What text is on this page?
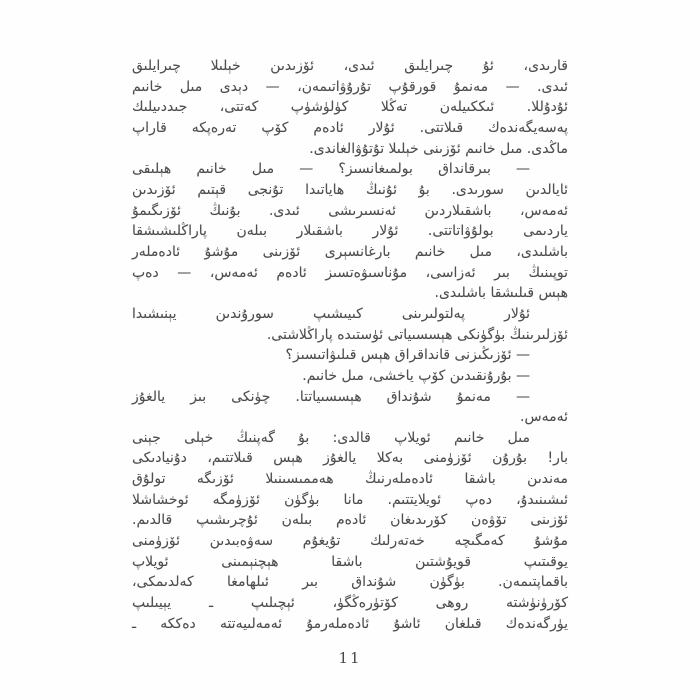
قارىدى، ئۇ چىرايلىق ئىدى، ئۆزىدىن خېلىلا چىرايلىق
ئىدى. — مەنمۇ قورقۇپ تۇرۇۋاتىمەن، — دېدى مىل خانىم
ئۇدۇللا. ئىككىيلەن تەڭلا كۈلۈشۈپ كەتتى، جىددىيلىك
پەسەيگەندەك قىلاتتى. ئۇلار ئادەم كۆپ تەرەپكە قاراپ
ماڭدى. مىل خانىم ئۆزىنى خېلىلا تۇتۇۋالغاندى.
— بىرقانداق بولمىغانسىز؟ — مىل خانىم ھېلىقى
ئايالدىن سورىدى. بۇ ئۇنىڭ ھاياتىدا تۇنجى قېتىم ئۆزىدىن
ئەمەس، باشقىلاردىن ئەنسىرىشى ئىدى. بۇنىڭ ئۆزىگىمۇ
ياردىمى بولۇۋاتاتتى. ئۇلار باشقىلار بىلەن پاراڭلىشىشقا
باشلىدى، مىل خانىم بارغانسېرى ئۆزىنى مۇشۇ ئادەملەر
توپىنىڭ بىر ئەزاسى، مۇناسىۋەتسىز ئادەم ئەمەس، — دەپ
ھېس قىلىشقا باشلىدى.
ئۇلار پەلتولىرىنى كىيىشىپ سورۇندىن يېنىشىدا
ئۆزلىرىنىڭ بۈگۈنكى ھېسسىياتى ئۈستىدە پاراڭلاشتى.
— ئۆزىڭىزنى قانداقراق ھېس قىلىۋاتىسىز؟
— بۇرۇنقىدىن كۆپ ياخشى، مىل خانىم.
— مەنمۇ شۇنداق ھېسسىياتتا. چۈنكى بىز يالغۇز
ئەمەس.
مىل خانىم ئويلاپ قالدى: بۇ گەپنىڭ خېلى جېنى
بار! بۇرۇن ئۆزۈمنى بەكلا يالغۇز ھېس قىلاتتىم، دۇنيادىكى
مەندىن باشقا ئادەملەرنىڭ ھەممىسىنىلا ئۆزىگە تولۇق
ئىشىنىدۇ، دەپ ئويلايتتىم. مانا بۈگۈن ئۆزۈمگە ئوخشاشلا
ئۆزىنى تۆۋەن كۆرىدىغان ئادەم بىلەن ئۇچرىشىپ قالدىم.
مۇشۇ كەمگىچە خەتەرلىك تۇيغۇم سەۋەبىدىن ئۆزۈمنى
يوقىتىپ قويۇشتىن باشقا ھېچنېمىنى ئويلاپ
باقماپتىمەن. بۈگۈن شۇنداق بىر ئىلھامغا كەلدىمكى،
كۆرۈنۈشتە روھى كۆتۈرەڭگۈ، ئېچىلىپ ـ يېيىلىپ
يۈرگەندەك قىلغان ئاشۇ ئادەملەرمۇ ئەمەلىيەتتە دەككە ـ
11
